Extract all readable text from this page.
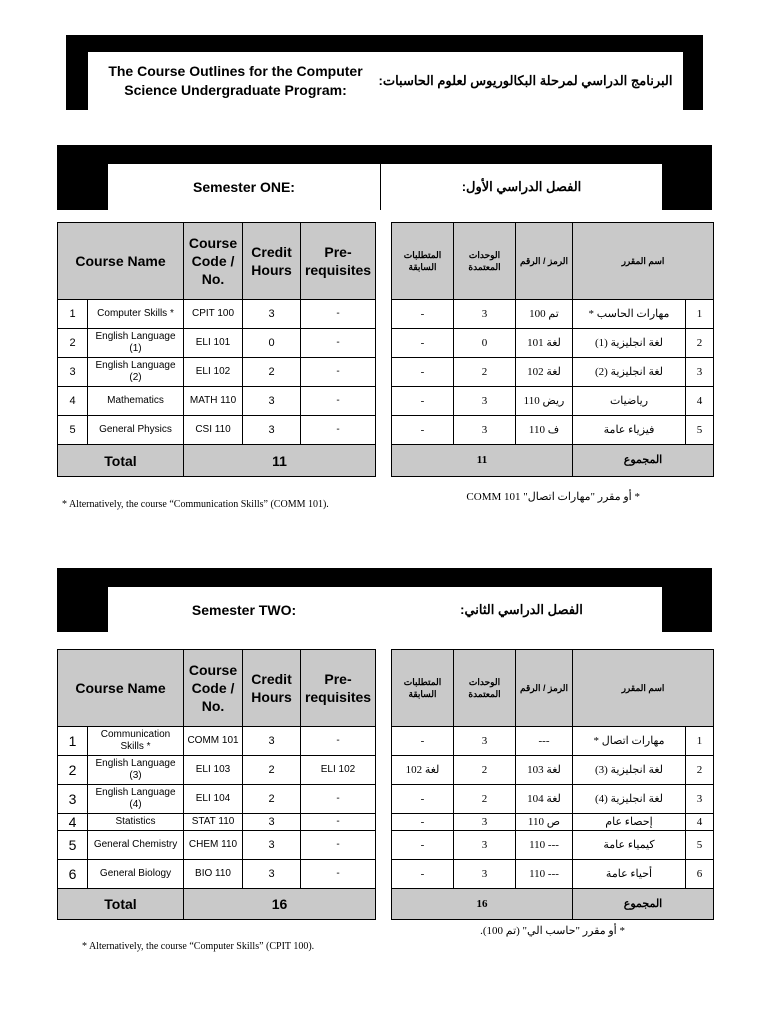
The Course Outlines for the Computer Science Undergraduate Program:
البرنامج الدراسي لمرحلة البكالوريوس لعلوم الحاسبات:
Semester ONE:	الفصل الدراسي الأول:
Course Name		Course Code / No.	Credit Hours	Pre-requisites
1	Computer Skills *	CPIT 100	3	-
2	English Language (1)	ELI 101	0	-
3	English Language (2)	ELI 102	2	-
4	Mathematics	MATH 110	3	-
5	General Physics	CSI 110	3	-
Total		11		
اسم المقرر		الرمز / الرقم	الوحدات المعتمدة	المتطلبات السابقة
1	مهارات الحاسب *	تم 100	3	-
2	لغة انجليزية (1)	لغة 101	0	-
3	لغة انجليزية (2)	لغة 102	2	-
4	رياضيات	ريض 110	3	-
5	فيزياء عامة	ف 110	3	-
المجموع		11		
* Alternatively, the course “Communication Skills” (COMM 101).
* أو مقرر "مهارات اتصال" COMM 101
Semester TWO:	الفصل الدراسي الثاني:
Course Name		Course Code / No.	Credit Hours	Pre-requisites
1	Communication Skills *	COMM 101	3	-
2	English Language (3)	ELI 103	2	ELI 102
3	English Language (4)	ELI 104	2	-
4	Statistics	STAT 110	3	-
5	General Chemistry	CHEM 110	3	-
6	General Biology	BIO 110	3	-
Total		16		
اسم المقرر		الرمز / الرقم	الوحدات المعتمدة	المتطلبات السابقة
1	مهارات اتصال *	---	3	-
2	لغة انجليزية (3)	لغة 103	2	لغة 102
3	لغة انجليزية (4)	لغة 104	2	-
4	إحصاء عام	ص 110	3	-
5	كيمياء عامة	--- 110	3	-
6	أحياء عامة	--- 110	3	-
المجموع		16		
* أو مقرر "حاسب الي" (تم 100).
* Alternatively, the course “Computer Skills” (CPIT 100).
